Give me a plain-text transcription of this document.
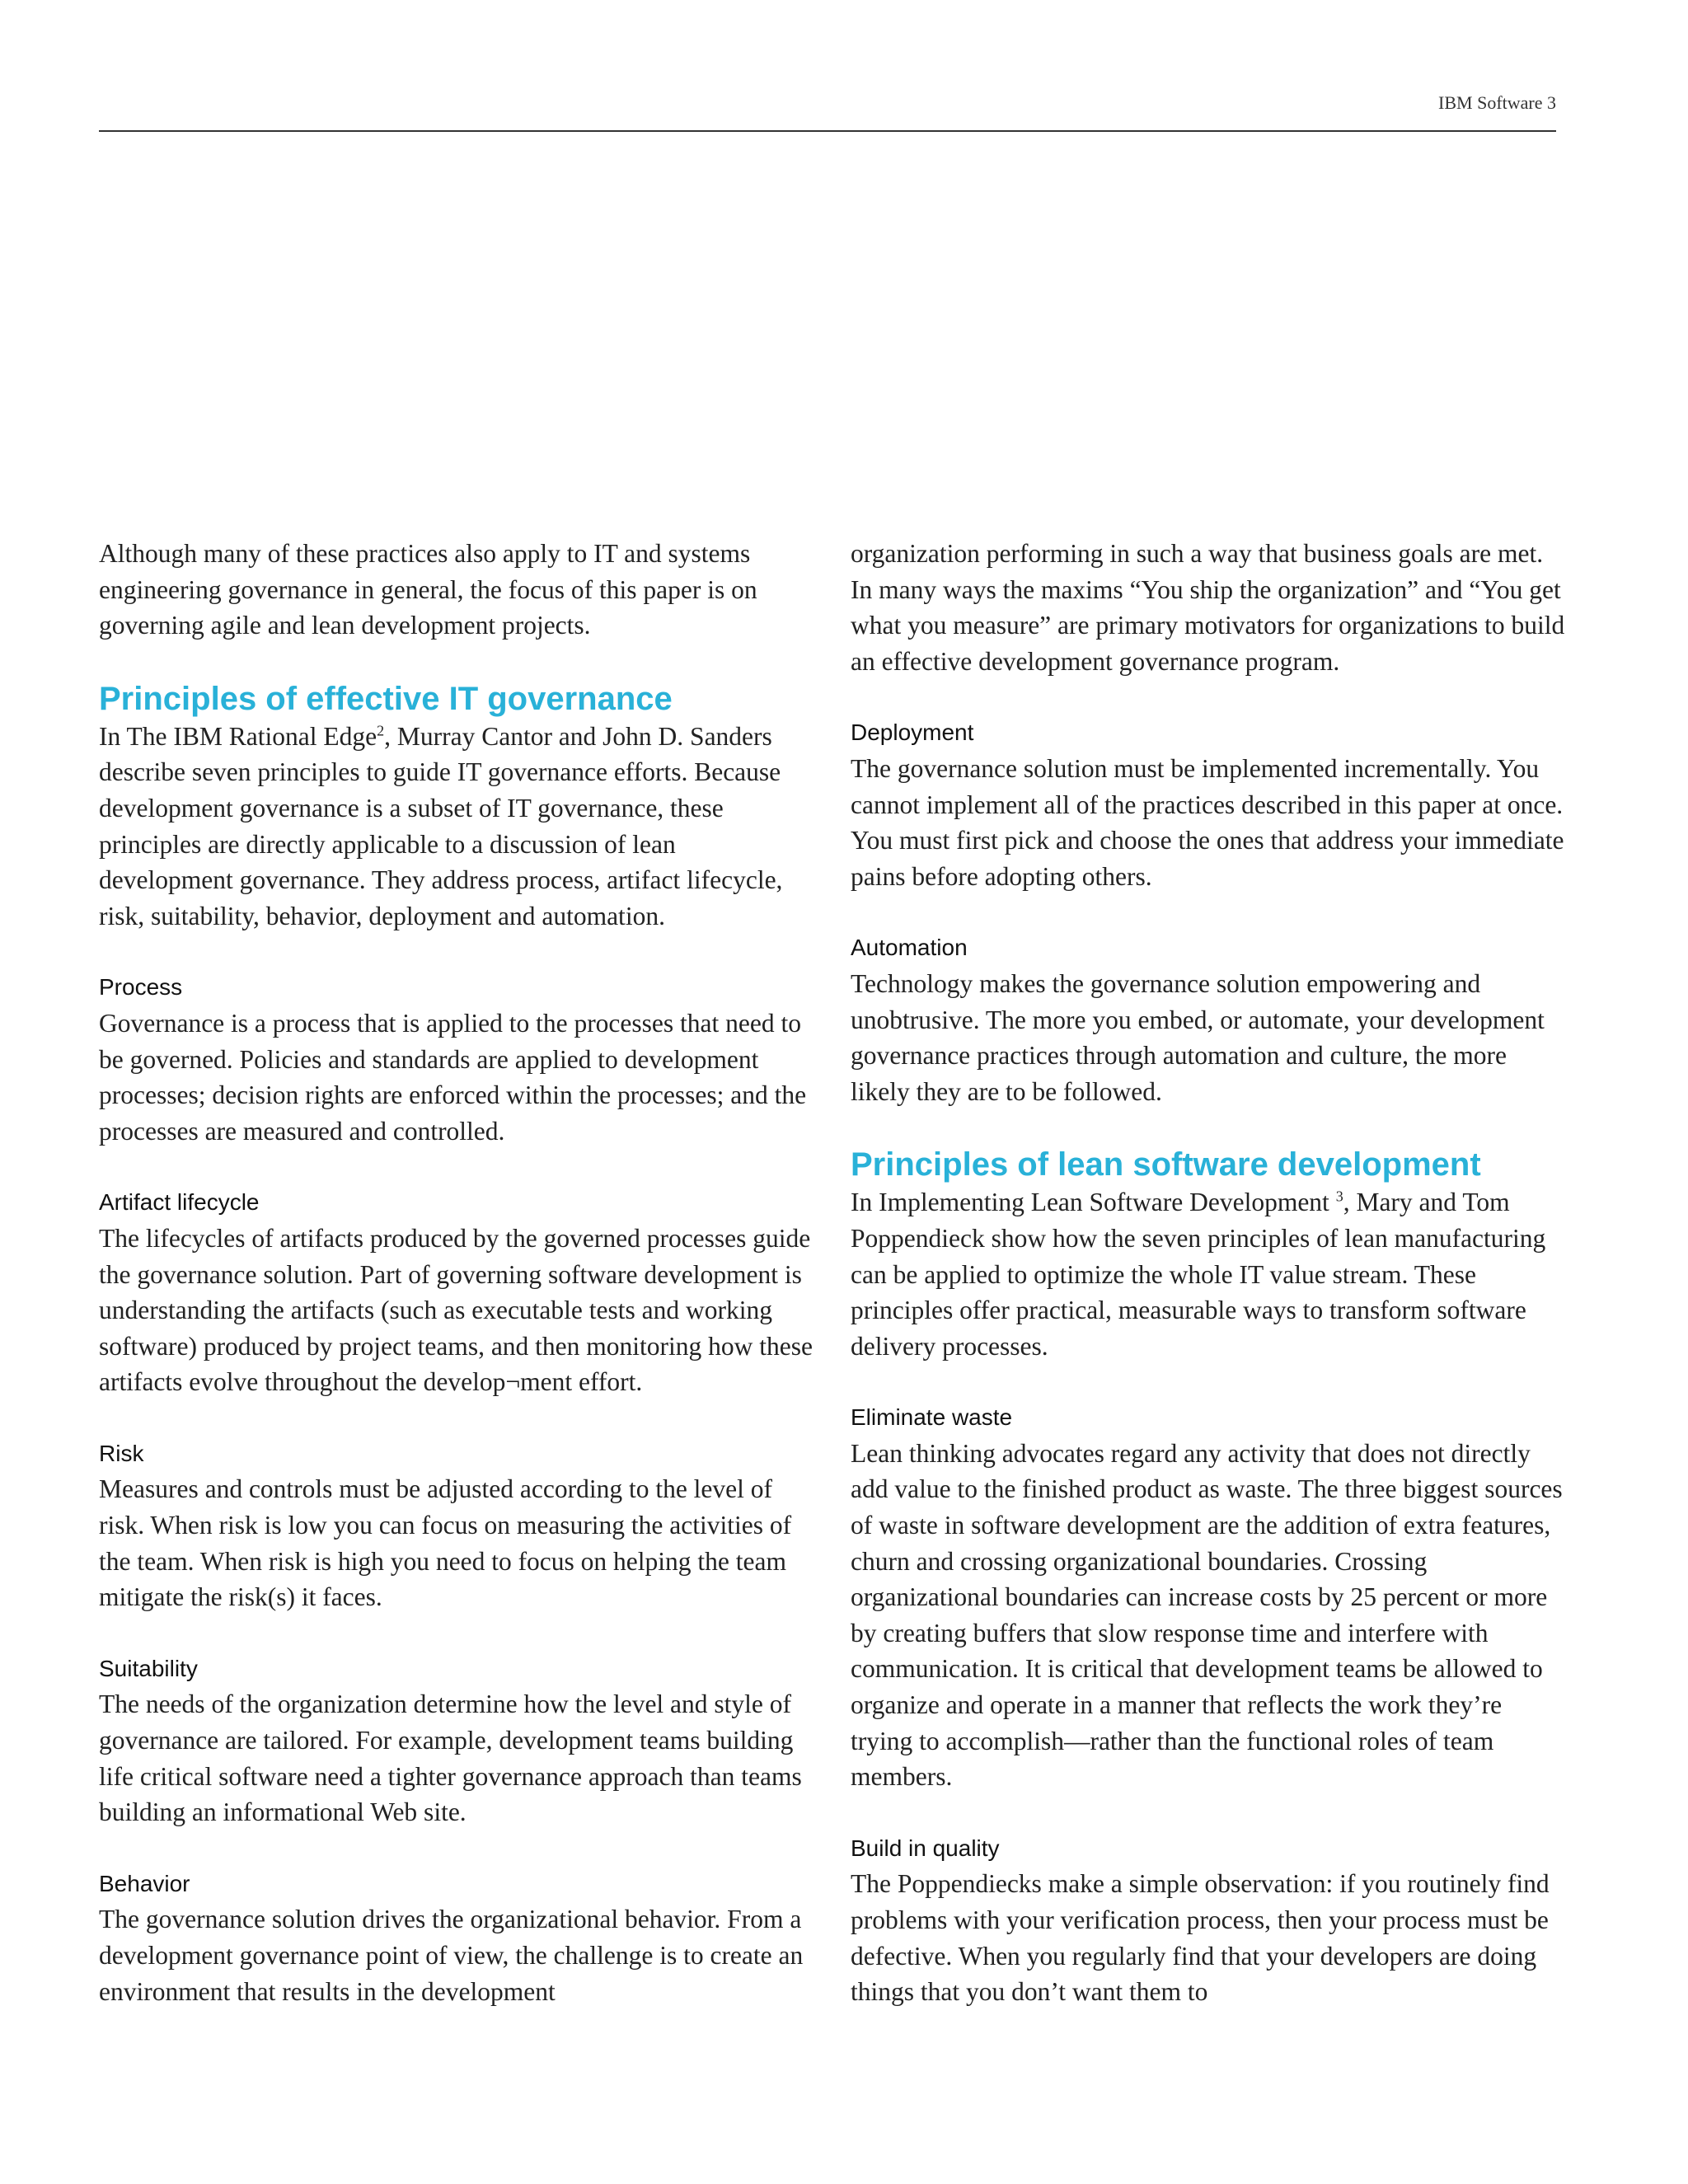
IBM Software 3

Although many of these practices also apply to IT and systems engineering governance in general, the focus of this paper is on governing agile and lean development projects.

Principles of effective IT governance

In The IBM Rational Edge$^2$, Murray Cantor and John D. Sanders describe seven principles to guide IT governance efforts. Because development governance is a subset of IT governance, these principles are directly applicable to a discussion of lean development governance. They address process, artifact lifecycle, risk, suitability, behavior, deployment and automation.

Process

Governance is a process that is applied to the processes that need to be governed. Policies and standards are applied to development processes; decision rights are enforced within the processes; and the processes are measured and controlled.

Artifact lifecycle

The lifecycles of artifacts produced by the governed processes guide the governance solution. Part of governing software development is understanding the artifacts (such as executable tests and working software) produced by project teams, and then monitoring how these artifacts evolve throughout the develop¬ment effort.

Risk

Measures and controls must be adjusted according to the level of risk. When risk is low you can focus on measuring the activities of the team. When risk is high you need to focus on helping the team mitigate the risk(s) it faces.

Suitability

The needs of the organization determine how the level and style of governance are tailored. For example, development teams building life critical software need a tighter governance approach than teams building an informational Web site.

Behavior

The governance solution drives the organizational behavior. From a development governance point of view, the challenge is to create an environment that results in the development

organization performing in such a way that business goals are met. In many ways the maxims “You ship the organization” and “You get what you measure” are primary motivators for organizations to build an effective development governance program.

Deployment

The governance solution must be implemented incrementally. You cannot implement all of the practices described in this paper at once. You must first pick and choose the ones that address your immediate pains before adopting others.

Automation

Technology makes the governance solution empowering and unobtrusive. The more you embed, or automate, your development governance practices through automation and culture, the more likely they are to be followed.

Principles of lean software development

In Implementing Lean Software Development $^3$, Mary and Tom Poppendieck show how the seven principles of lean manufacturing can be applied to optimize the whole IT value stream. These principles offer practical, measurable ways to transform software delivery processes.

Eliminate waste

Lean thinking advocates regard any activity that does not directly add value to the finished product as waste. The three biggest sources of waste in software development are the addition of extra features, churn and crossing organizational boundaries. Crossing organizational boundaries can increase costs by 25 percent or more by creating buffers that slow response time and interfere with communication. It is critical that development teams be allowed to organize and operate in a manner that reflects the work they’re trying to accomplish—rather than the functional roles of team members.

Build in quality

The Poppendiecks make a simple observation: if you routinely find problems with your verification process, then your process must be defective. When you regularly find that your developers are doing things that you don’t want them to
